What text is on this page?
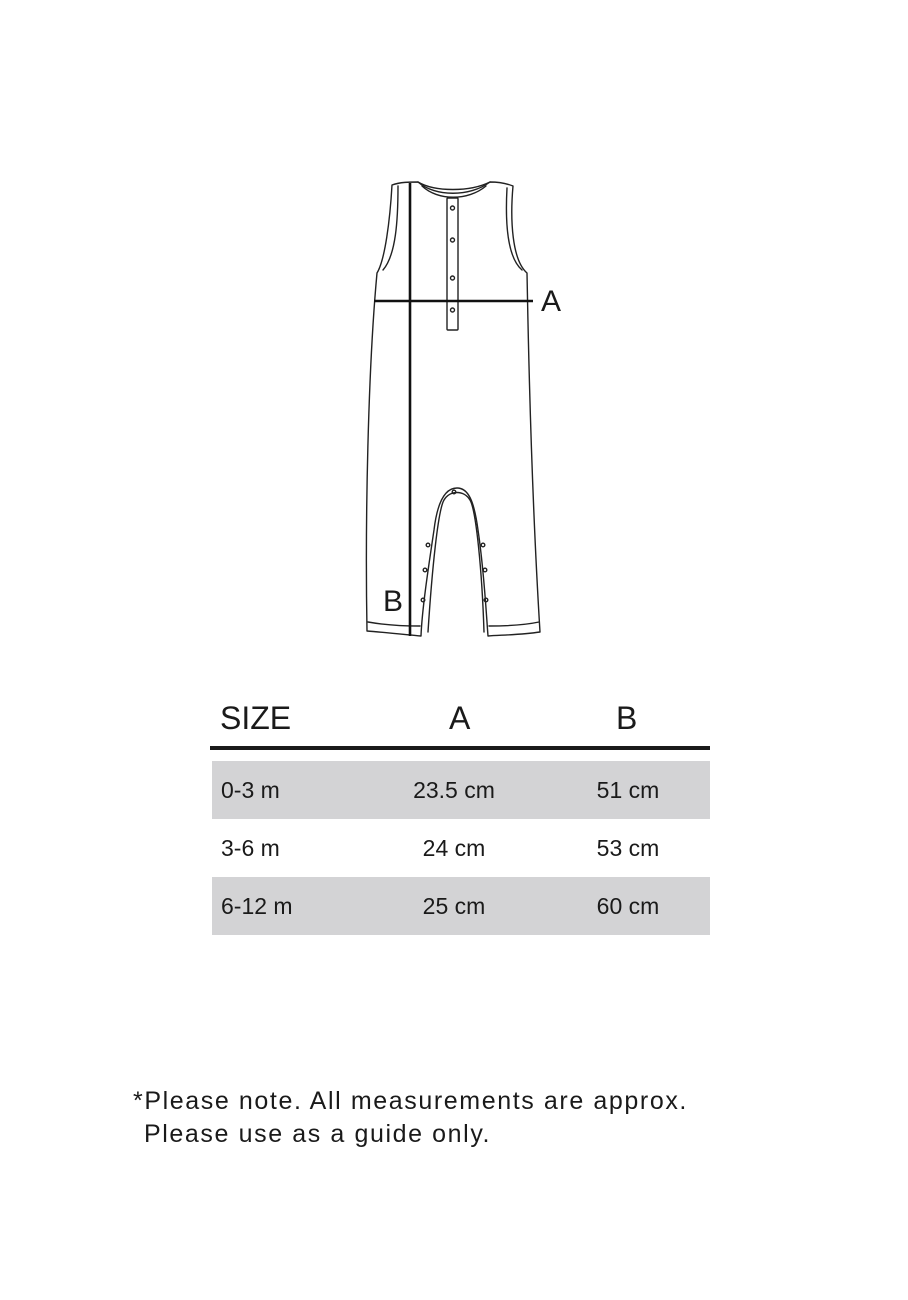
A
B
SIZE	A	B
0-3 m	23.5 cm	51 cm
3-6 m	24 cm	53 cm
6-12 m	25 cm	60 cm
*Please note. All measurements are approx.
Please use as a guide only.
